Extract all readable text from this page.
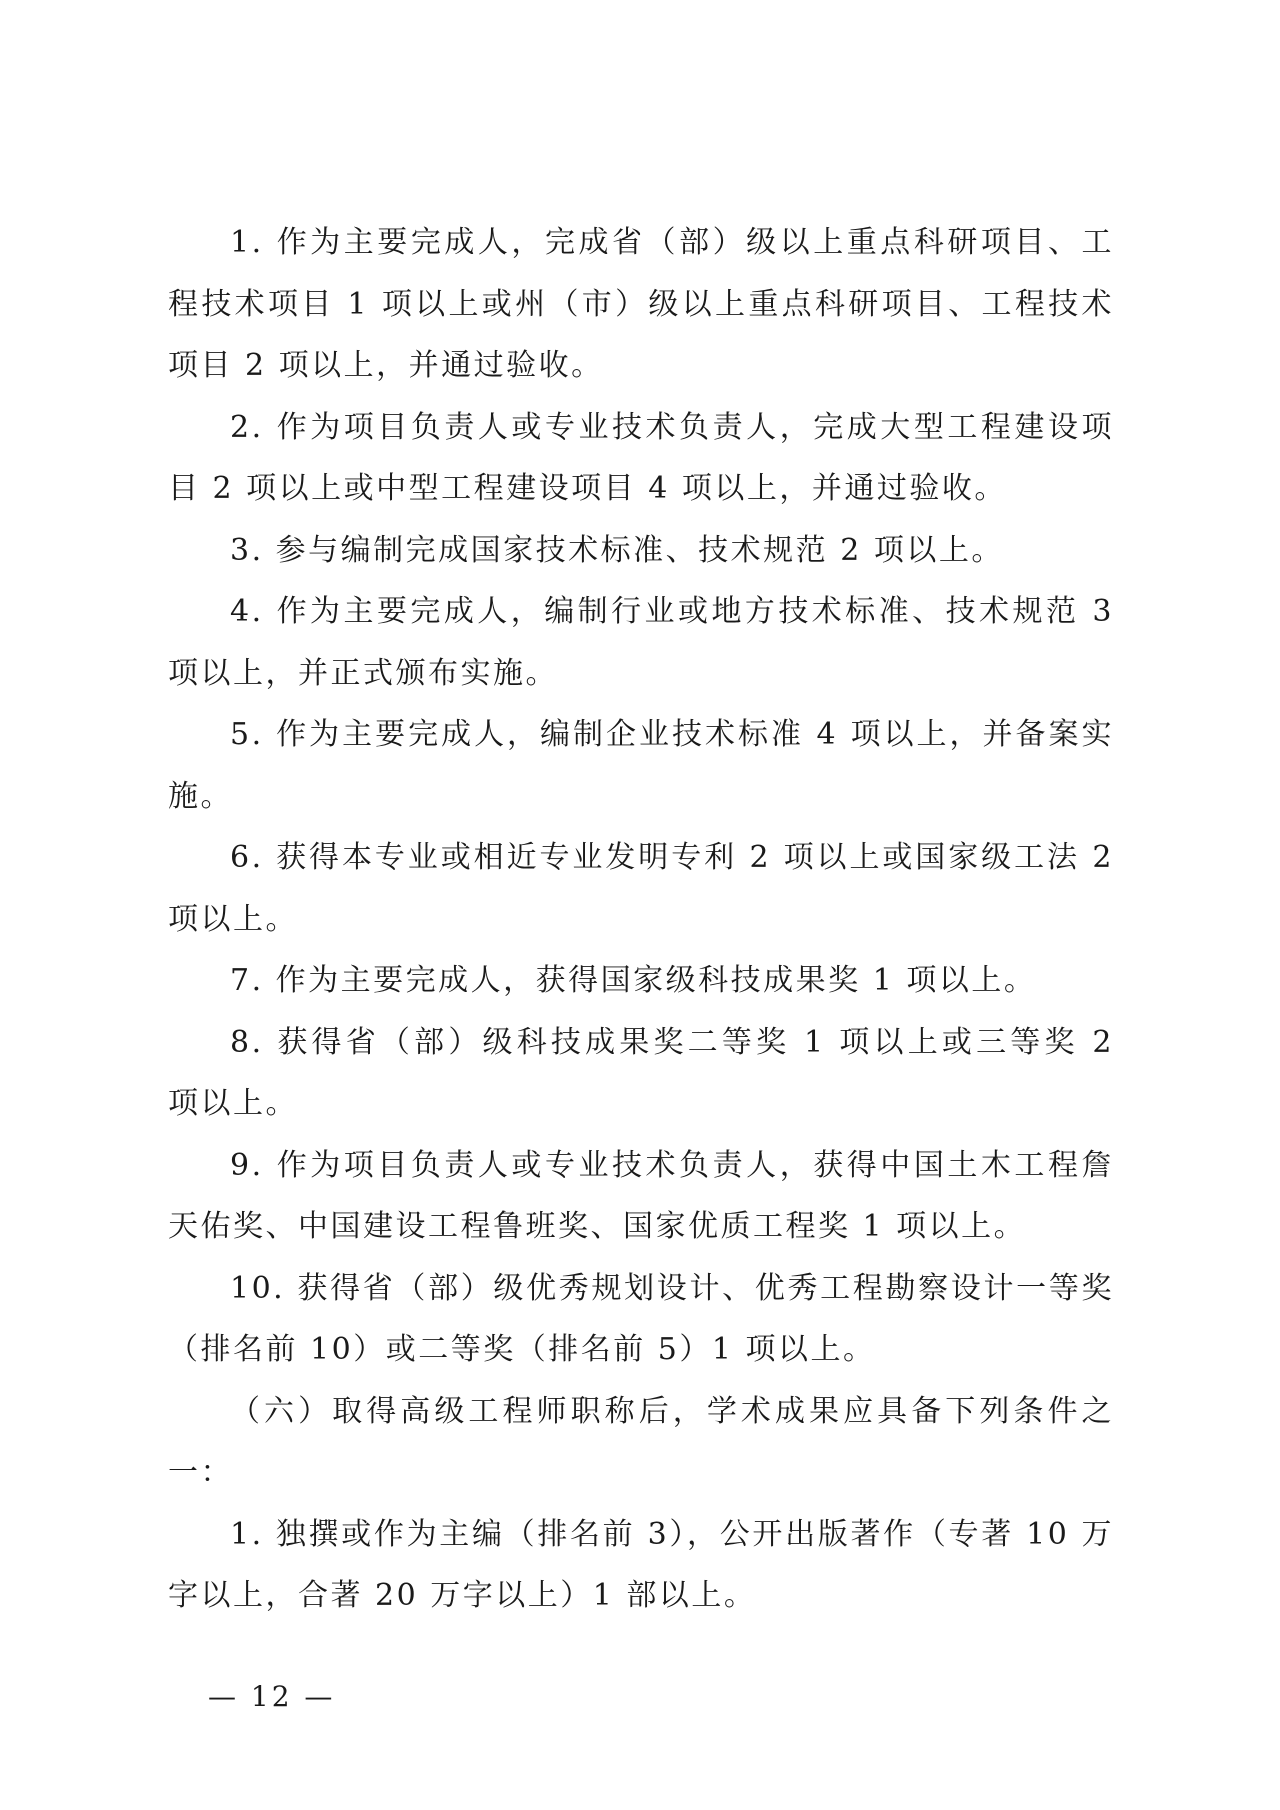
1. 作为主要完成人，完成省（部）级以上重点科研项目、工程技术项目 1 项以上或州（市）级以上重点科研项目、工程技术项目 2 项以上，并通过验收。

2. 作为项目负责人或专业技术负责人，完成大型工程建设项目 2 项以上或中型工程建设项目 4 项以上，并通过验收。

3. 参与编制完成国家技术标准、技术规范 2 项以上。

4. 作为主要完成人，编制行业或地方技术标准、技术规范 3 项以上，并正式颁布实施。

5. 作为主要完成人，编制企业技术标准 4 项以上，并备案实施。

6. 获得本专业或相近专业发明专利 2 项以上或国家级工法 2 项以上。

7. 作为主要完成人，获得国家级科技成果奖 1 项以上。

8. 获得省（部）级科技成果奖二等奖 1 项以上或三等奖 2 项以上。

9. 作为项目负责人或专业技术负责人，获得中国土木工程詹天佑奖、中国建设工程鲁班奖、国家优质工程奖 1 项以上。

10. 获得省（部）级优秀规划设计、优秀工程勘察设计一等奖（排名前 10）或二等奖（排名前 5）1 项以上。

（六）取得高级工程师职称后，学术成果应具备下列条件之一：

1. 独撰或作为主编（排名前 3），公开出版著作（专著 10 万字以上，合著 20 万字以上）1 部以上。

— 12 —
